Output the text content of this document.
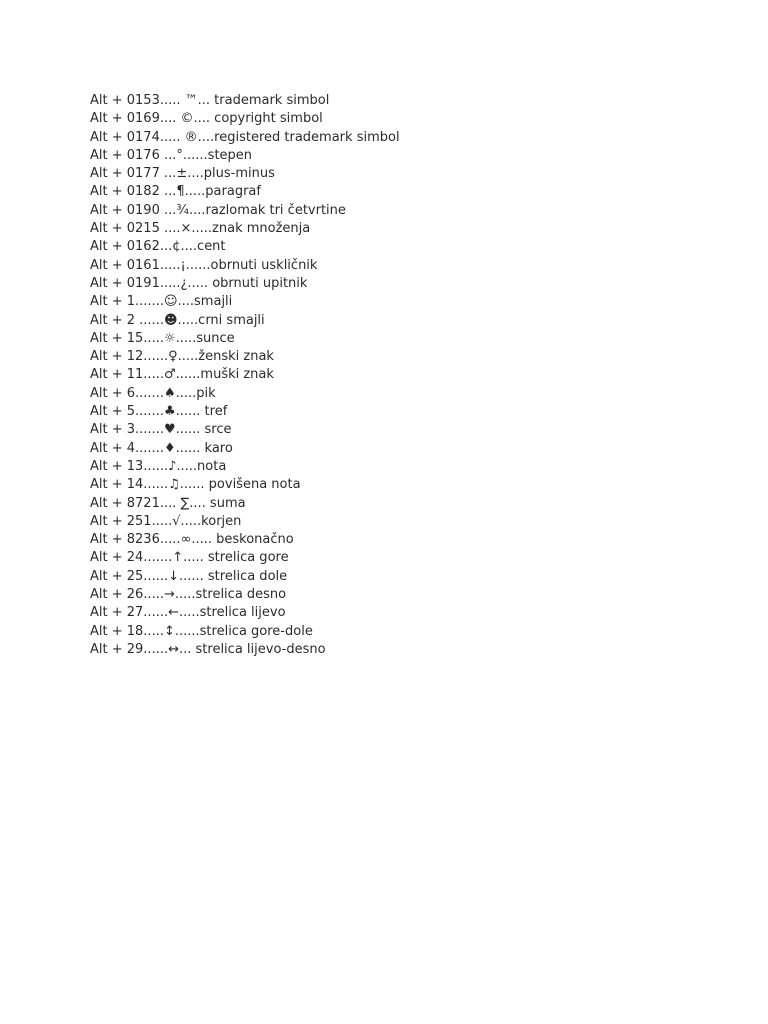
Alt + 0153..... ™... trademark simbol
Alt + 0169.... ©.... copyright simbol
Alt + 0174..... ®....registered trademark simbol
Alt + 0176 ...°......stepen
Alt + 0177 ...±....plus-minus
Alt + 0182 ...¶.....paragraf
Alt + 0190 ...¾....razlomak tri četvrtine
Alt + 0215 ....×.....znak množenja
Alt + 0162...¢....cent
Alt + 0161.....¡......obrnuti uskličnik
Alt + 0191.....¿..... obrnuti upitnik
Alt + 1.......☺....smajli
Alt + 2 ......☻.....crni smajli
Alt + 15.....☼.....sunce
Alt + 12......♀.....ženski znak
Alt + 11.....♂......muški znak
Alt + 6.......♠.....pik
Alt + 5.......♣...... tref
Alt + 3.......♥...... srce
Alt + 4.......♦...... karo
Alt + 13......♪.....nota
Alt + 14......♫...... povišena nota
Alt + 8721.... ∑.... suma
Alt + 251.....√.....korjen
Alt + 8236.....∞..... beskonačno
Alt + 24.......↑..... strelica gore
Alt + 25......↓...... strelica dole
Alt + 26.....→.....strelica desno
Alt + 27......←.....strelica lijevo
Alt + 18.....↕......strelica gore-dole
Alt + 29......↔... strelica lijevo-desno
